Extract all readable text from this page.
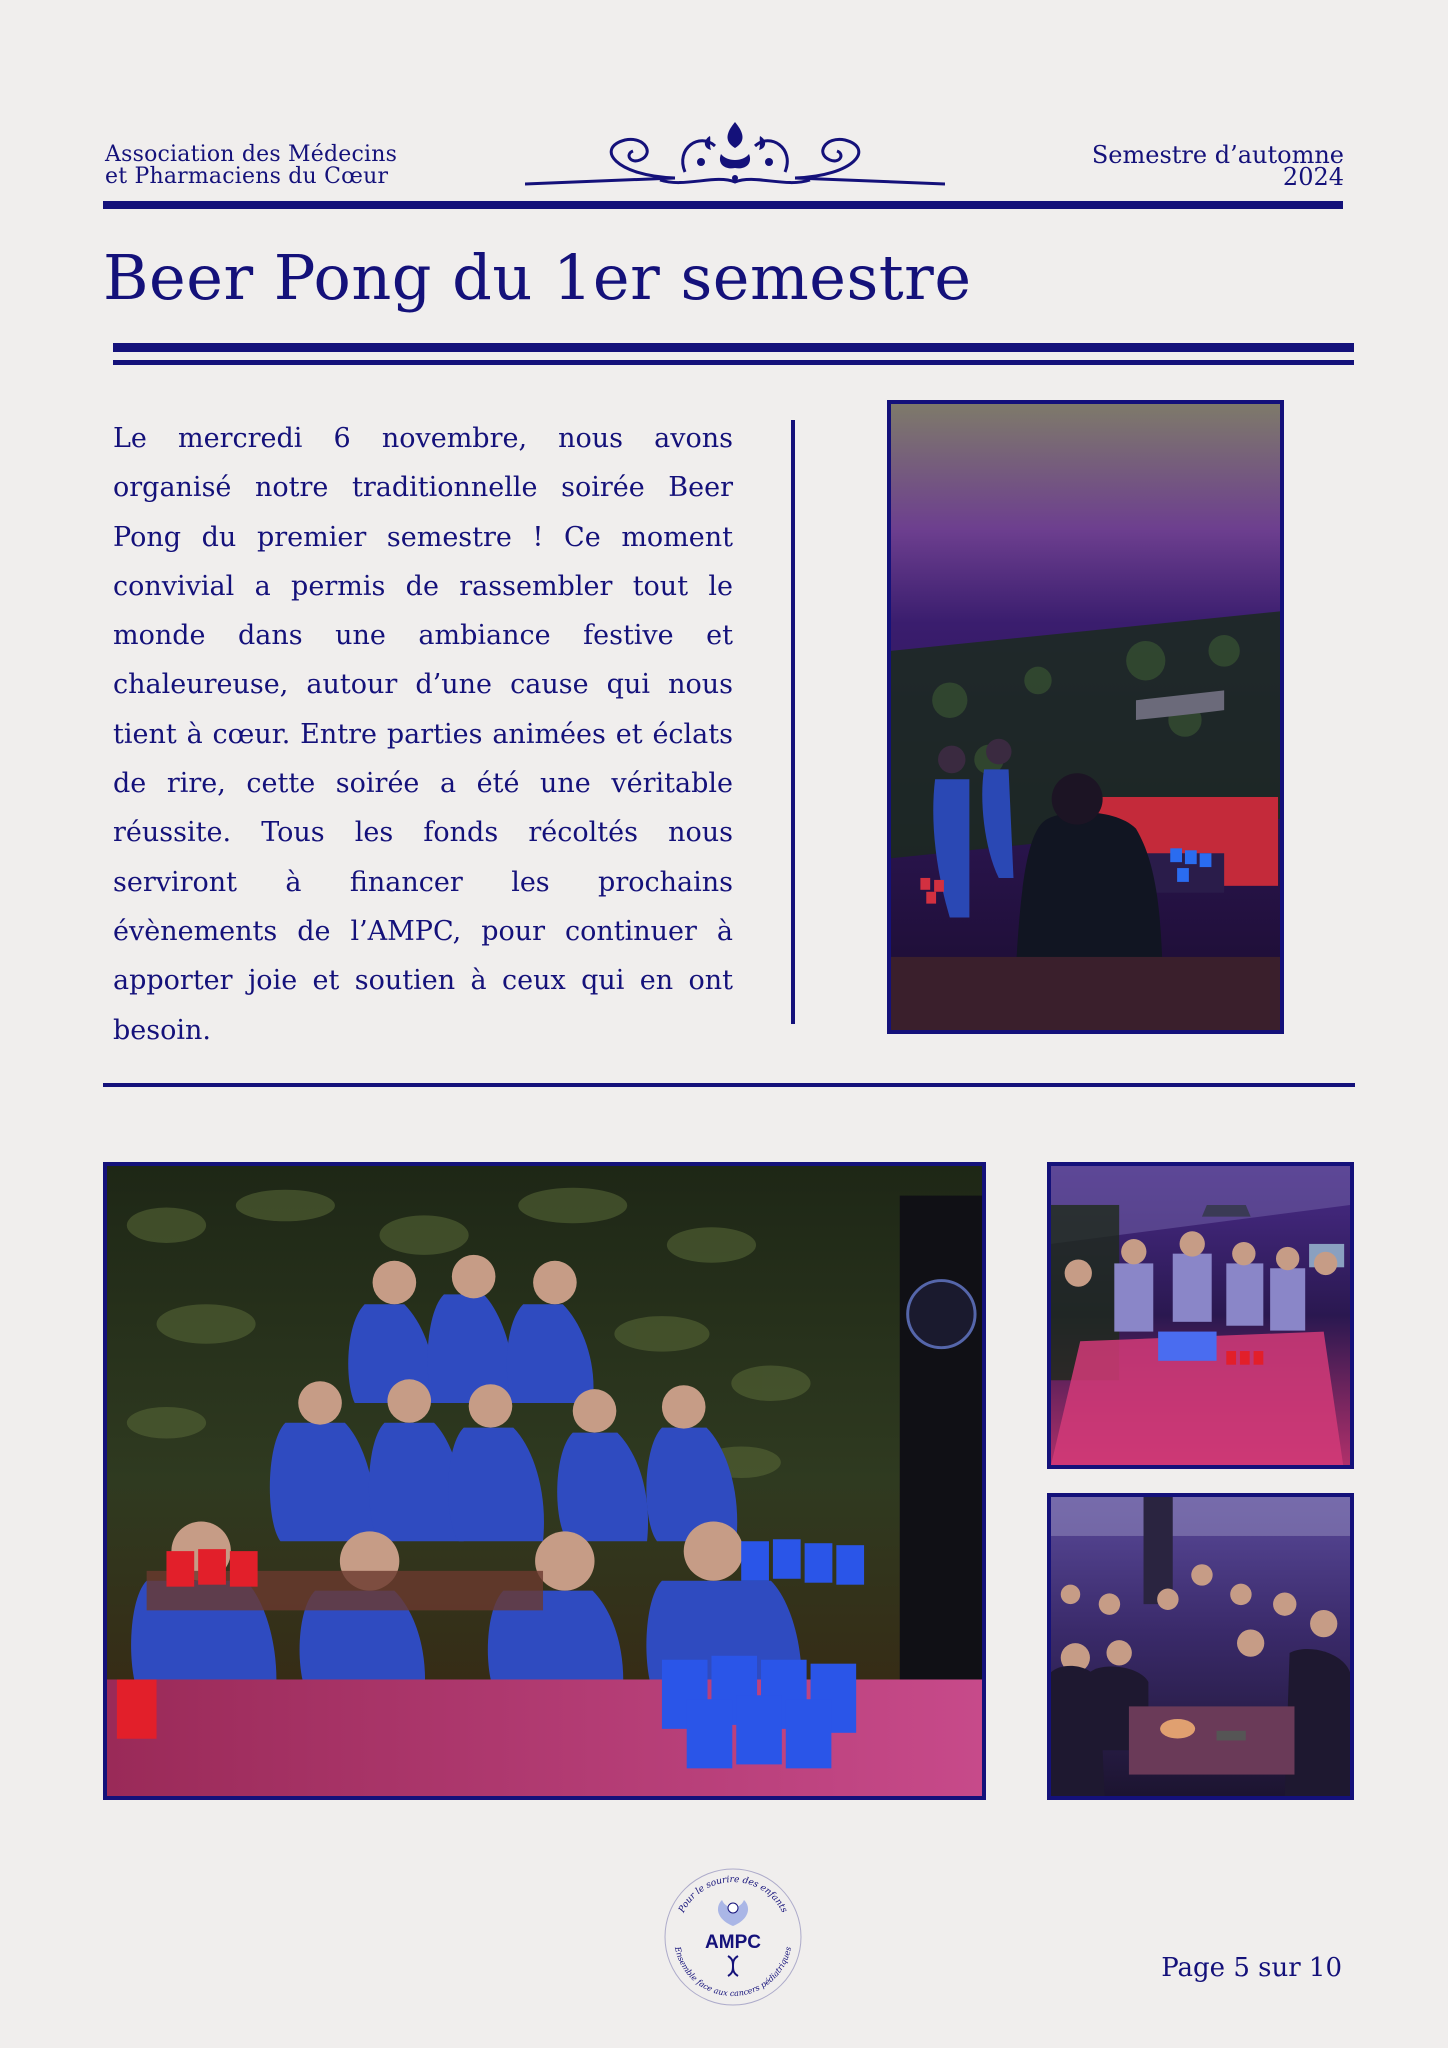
Association des Médecins
et Pharmaciens du Cœur
Semestre d’automne
2024
Beer Pong du 1er semestre
Le mercredi 6 novembre, nous avons organisé notre traditionnelle soirée Beer Pong du premier semestre ! Ce moment convivial a permis de rassembler tout le monde dans une ambiance festive et chaleureuse, autour d’une cause qui nous tient à cœur. Entre parties animées et éclats de rire, cette soirée a été une véritable réussite. Tous les fonds récoltés nous serviront à financer les prochains évènements de l’AMPC, pour continuer à apporter joie et soutien à ceux qui en ont besoin.
Pour le sourire des enfants
Ensemble face aux cancers pédiatriques
AMPC
Page 5 sur 10
